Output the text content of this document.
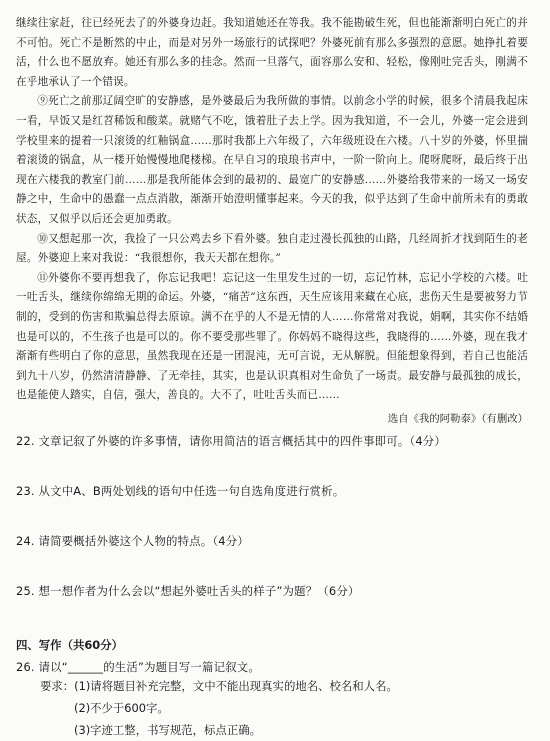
继续往家赶，往已经死去了的外婆身边赶。我知道她还在等我。我不能勘破生死，但也能渐渐明白死亡的并不可怕。死亡不是断然的中止，而是对另外一场旅行的试探吧？外婆死前有那么多强烈的意愿。她挣扎着要活，什么也不愿放弃。她还有那么多的挂念。然而一旦落气，面容那么安和、轻松，像刚吐完舌头，刚满不在乎地承认了一个错误。

⑨死亡之前那辽阔空旷的安静感，是外婆最后为我所做的事情。以前念小学的时候，很多个清晨我起床一看，早饭又是红苕稀饭和酸菜。就赌气不吃，饿着肚子去上学。因为我知道，不一会儿，外婆一定会进到学校里来的提着一只滚烫的红釉锅盒……那时我都上六年级了，六年级班设在六楼。八十岁的外婆，怀里揣着滚烫的锅盒，从一楼开始慢慢地爬楼梯。在早自习的琅琅书声中，一阶一阶向上。爬呀爬呀，最后终于出现在六楼我的教室门前……那是我所能体会到的最初的、最宽广的安静感……外婆给我带来的一场又一场安静之中，生命中的愚蠢一点点消散，渐渐开始澄明懂事起来。今天的我，似乎达到了生命中前所未有的勇敢状态，又似乎以后还会更加勇敢。

⑩又想起那一次，我捡了一只公鸡去乡下看外婆。独自走过漫长孤独的山路，几经周折才找到陌生的老屋。外婆迎上来对我说：“我很想你，我天天都在想你。”

⑪外婆你不要再想我了，你忘记我吧！忘记这一生里发生过的一切，忘记竹林，忘记小学校的六楼。吐一吐舌头，继续你绵绵无期的命运。外婆，“痛苦”这东西，天生应该用来藏在心底，悲伤天生是要被努力节制的，受到的伤害和欺骗总得去原谅。满不在乎的人不是无情的人……你常常对我说，娟啊，其实你不结婚也是可以的，不生孩子也是可以的。你不要受那些罪了。你妈妈不晓得这些，我晓得的……外婆，现在我才渐渐有些明白了你的意思，虽然我现在还是一团混沌，无可言说，无从解脱。但能想象得到，若自己也能活到九十八岁，仍然清清静静、了无牵挂，其实，也是认识真相对生命负了一场责。最安静与最孤独的成长，也是能使人踏实，自信，强大，善良的。大不了，吐吐舌头而已……

选自《我的阿勒泰》（有删改）

22. 文章记叙了外婆的许多事情，请你用简洁的语言概括其中的四件事即可。（4分）

23. 从文中A、B两处划线的语句中任选一句自选角度进行赏析。

24. 请简要概括外婆这个人物的特点。（4分）

25. 想一想作者为什么会以“想起外婆吐舌头的样子”为题？（6分）

四、写作（共60分）

26. 请以“______的生活”为题目写一篇记叙文。

要求：(1)请将题目补充完整，文中不能出现真实的地名、校名和人名。

(2)不少于600字。

(3)字迹工整，书写规范，标点正确。
